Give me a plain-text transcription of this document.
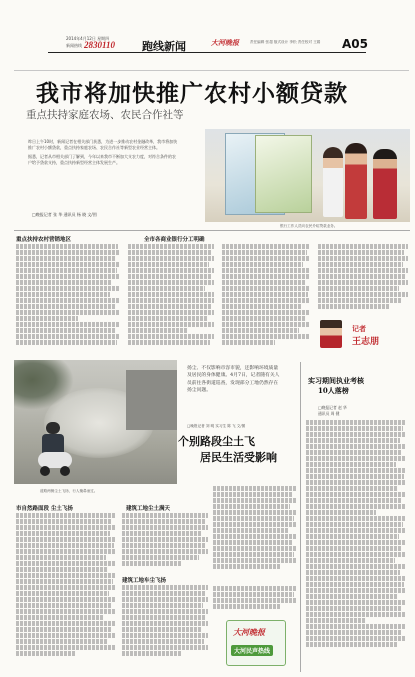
2014年4月12日 星期四
新闻热线 2830110 跑线新闻	大河晚报	责任编辑 张超 版式设计 李松 责任校对 王娟	A05
我市将加快推广农村小额贷款
重点扶持家庭农场、农民合作社等
昨日上午10时，新闻记者在相关部门获悉，为进一步推动农村金融改革，我市将加快推广农村小额贷款，重点扶持家庭农场、农民合作社等新型农业经营主体。
据悉，记者从市相关部门了解到，今年以来我市不断加大支农力度，对符合条件的农户给予贷款支持，重点扶持新型经营主体发展生产。
银行工作人员向农民介绍贷款业务。
□晚报记者 张 华 通讯员 杨 晓 文/图
重点扶持农村营销地区	全市各商业银行分工明确
记者
王志朋
道路两侧尘土飞扬，行人掩鼻而过。
扬尘、不仅影响市容市貌，还影响环境质量及居民的身体健康。4月7日，记者随有关人员前往各街道巡查，发现部分工地仍然存在扬尘问题。
□晚报记者 刘 明 实习生 陈 飞 文/图
个别路段尘土飞
居民生活受影响
实习期间执业考核
10人落榜
□晚报记者 赵 华
通讯员 周 健
市自然路面段 尘土飞扬	建筑工地尘土满天
建筑工地车尘飞扬
大河晚报
大河民声热线
